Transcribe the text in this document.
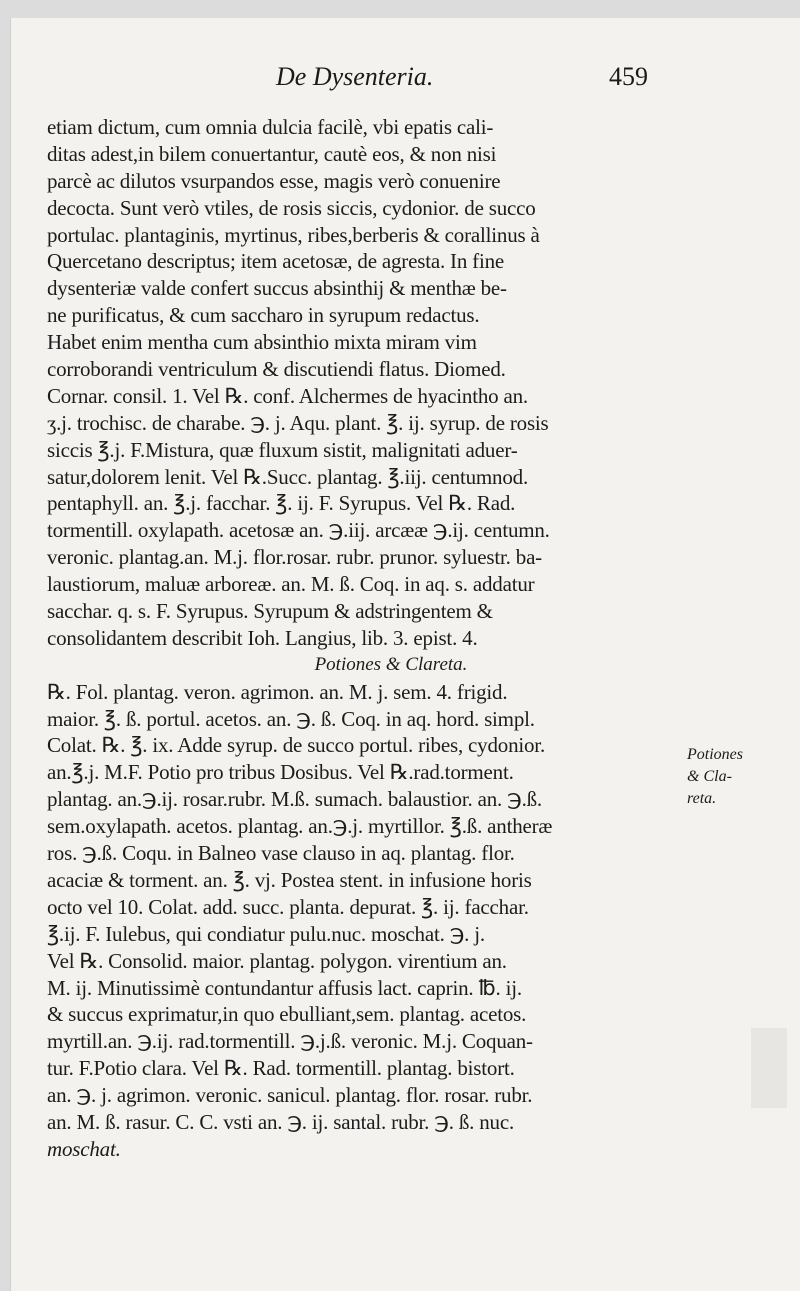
De Dysenteria.	459
etiam dictum, cum omnia dulcia facilè, vbi epatis cali-
ditas adest,in bilem conuertantur, cautè eos, & non nisi
parcè ac dilutos vsurpandos esse, magis verò conuenire
decocta. Sunt verò vtiles, de rosis siccis, cydonior. de succo
portulac. plantaginis, myrtinus, ribes,berberis & corallinus à
Quercetano descriptus; item acetosæ, de agresta. In fine
dysenteriæ valde confert succus absinthij & menthæ be-
ne purificatus, & cum saccharo in syrupum redactus.
Habet enim mentha cum absinthio mixta miram vim
corroborandi ventriculum & discutiendi flatus. Diomed.
Cornar. consil. 1. Vel ℞. conf. Alchermes de hyacintho an.
ʒ.j. trochisc. de charabe. ℈. j. Aqu. plant. ℥. ij. syrup. de rosis
siccis ℥.j. F.Mistura, quæ fluxum sistit, malignitati aduer-
satur,dolorem lenit. Vel ℞.Succ. plantag. ℥.iij. centumnod.
pentaphyll. an. ℥.j. facchar. ℥. ij. F. Syrupus. Vel ℞. Rad.
tormentill. oxylapath. acetosæ an. ℈.iij. arcææ ℈.ij. centumn.
veronic. plantag.an. M.j. flor.rosar. rubr. prunor. syluestr. ba-
laustiorum, maluæ arboreæ. an. M. ß. Coq. in aq. s. addatur
sacchar. q. s. F. Syrupus. Syrupum & adstringentem &
consolidantem describit Ioh. Langius, lib. 3. epist. 4.
Potiones & Clareta.
℞. Fol. plantag. veron. agrimon. an. M. j. sem. 4. frigid.
maior. ℥. ß. portul. acetos. an. ℈. ß. Coq. in aq. hord. simpl.
Colat. ℞. ℥. ix. Adde syrup. de succo portul. ribes, cydonior.
an.℥.j. M.F. Potio pro tribus Dosibus. Vel ℞.rad.torment.
plantag. an.℈.ij. rosar.rubr. M.ß. sumach. balaustior. an. ℈.ß.
sem.oxylapath. acetos. plantag. an.℈.j. myrtillor. ℥.ß. antheræ
ros. ℈.ß. Coqu. in Balneo vase clauso in aq. plantag. flor.
acaciæ & torment. an. ℥. vj. Postea stent. in infusione horis
octo vel 10. Colat. add. succ. planta. depurat. ℥. ij. facchar.
℥.ij. F. Iulebus, qui condiatur pulu.nuc. moschat. ℈. j.
Vel ℞. Consolid. maior. plantag. polygon. virentium an.
M. ij. Minutissimè contundantur affusis lact. caprin. ℔. ij.
& succus exprimatur,in quo ebulliant,sem. plantag. acetos.
myrtill.an. ℈.ij. rad.tormentill. ℈.j.ß. veronic. M.j. Coquan-
tur. F.Potio clara. Vel ℞. Rad. tormentill. plantag. bistort.
an. ℈. j. agrimon. veronic. sanicul. plantag. flor. rosar. rubr.
an. M. ß. rasur. C. C. vsti an. ℈. ij. santal. rubr. ℈. ß. nuc.
moschat.
Potiones
& Cla-
reta.
